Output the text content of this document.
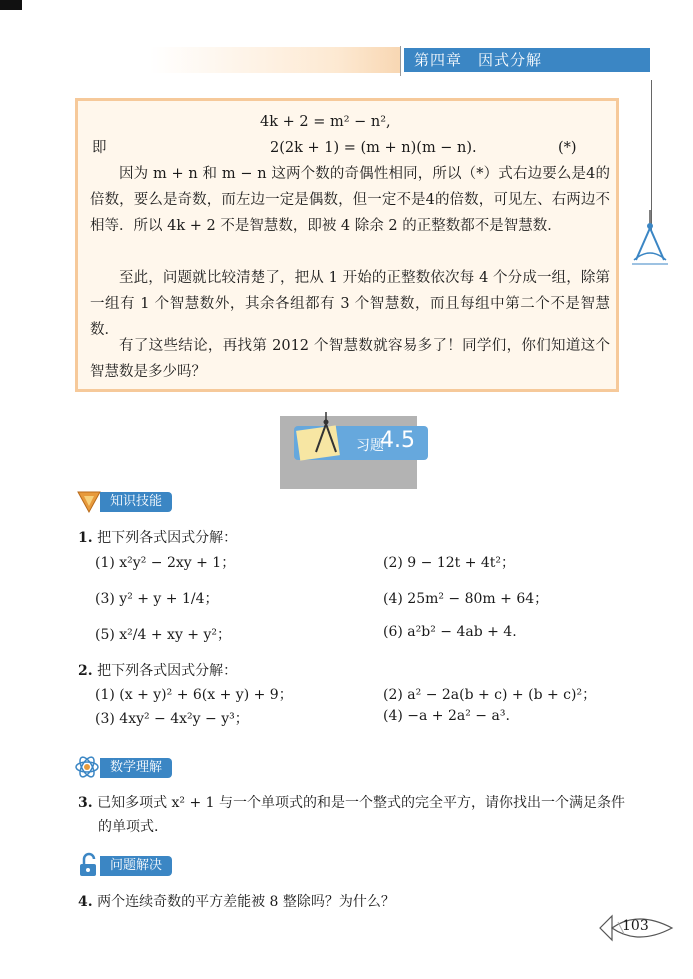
第四章　因式分解
4k + 2 = m² − n²,
即	2(2k + 1) = (m + n)(m − n).	(*)
因为 m + n 和 m − n 这两个数的奇偶性相同，所以（*）式右边要么是4的倍数，要么是奇数，而左边一定是偶数，但一定不是4的倍数，可见左、右两边不相等．所以 4k + 2 不是智慧数，即被 4 除余 2 的正整数都不是智慧数．
至此，问题就比较清楚了，把从 1 开始的正整数依次每 4 个分成一组，除第一组有 1 个智慧数外，其余各组都有 3 个智慧数，而且每组中第二个不是智慧数．
有了这些结论，再找第 2012 个智慧数就容易多了！同学们，你们知道这个智慧数是多少吗？
习题
4.5
知识技能
1. 把下列各式因式分解：
(1) x²y² − 2xy + 1；	(2) 9 − 12t + 4t²；
(3) y² + y + 1/4；	(4) 25m² − 80m + 64；
(5) x²/4 + xy + y²；	(6) a²b² − 4ab + 4.
2. 把下列各式因式分解：
(1) (x + y)² + 6(x + y) + 9；	(2) a² − 2a(b + c) + (b + c)²；
(3) 4xy² − 4x²y − y³；	(4) −a + 2a² − a³.
数学理解
3. 已知多项式 x² + 1 与一个单项式的和是一个整式的完全平方，请你找出一个满足条件
的单项式.
问题解决
4. 两个连续奇数的平方差能被 8 整除吗？为什么？
103
